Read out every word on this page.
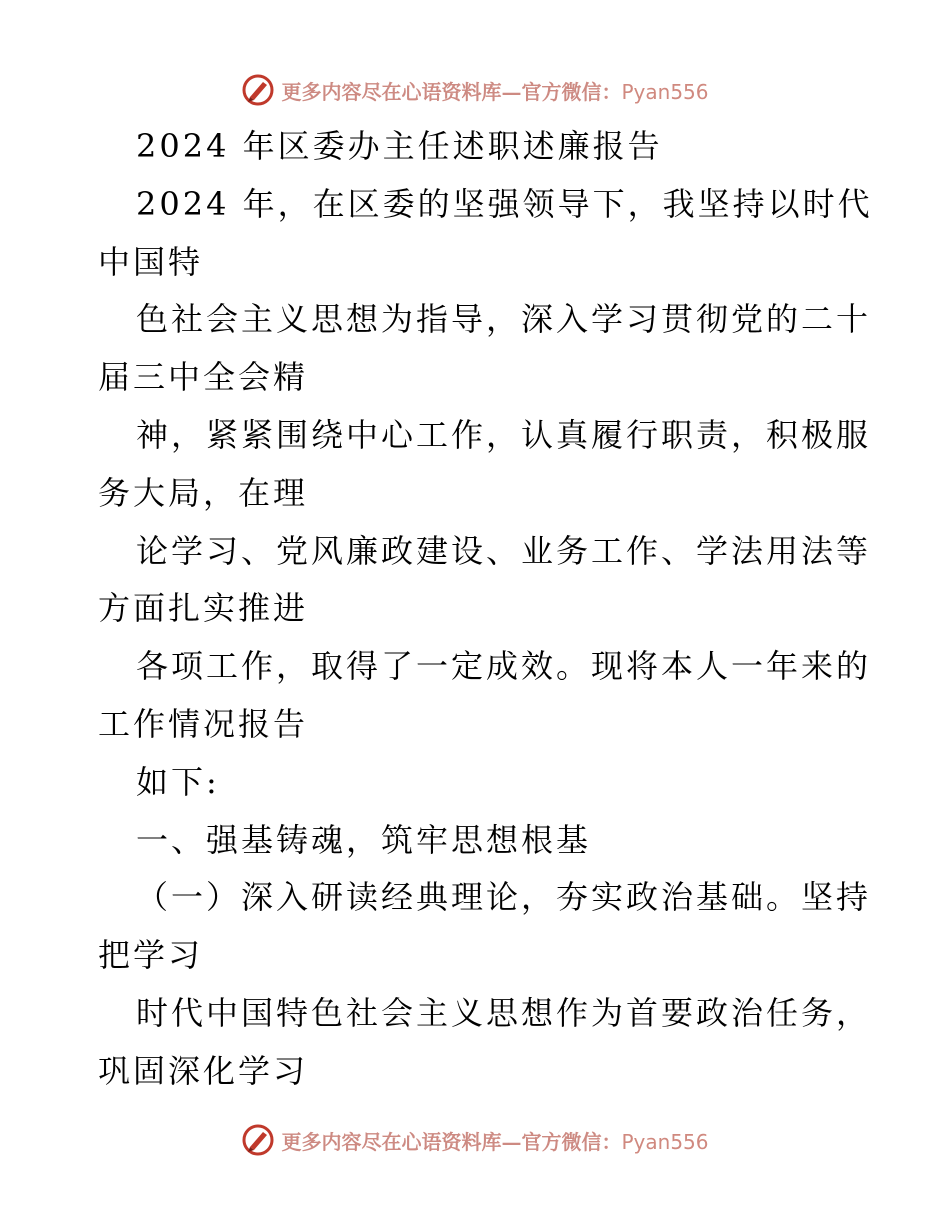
更多内容尽在心语资料库—官方微信：Pyan556
2024 年区委办主任述职述廉报告
2024 年，在区委的坚强领导下，我坚持以时代
中国特
色社会主义思想为指导，深入学习贯彻党的二十
届三中全会精
神，紧紧围绕中心工作，认真履行职责，积极服
务大局，在理
论学习、党风廉政建设、业务工作、学法用法等
方面扎实推进
各项工作，取得了一定成效。现将本人一年来的
工作情况报告
如下:
一、强基铸魂，筑牢思想根基
（一）深入研读经典理论，夯实政治基础。坚持
把学习
时代中国特色社会主义思想作为首要政治任务，
巩固深化学习
更多内容尽在心语资料库—官方微信：Pyan556
